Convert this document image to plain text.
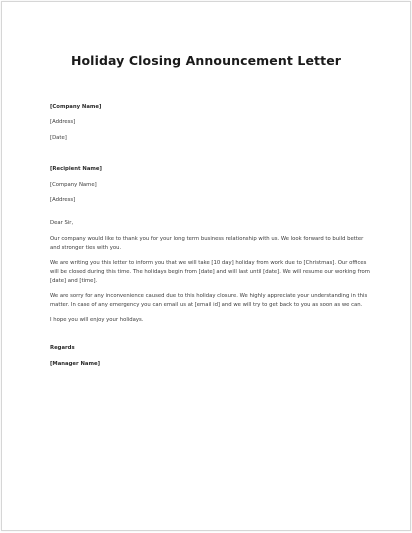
Holiday Closing Announcement Letter
[Company Name]
[Address]
[Date]
[Recipient Name]
[Company Name]
[Address]
Dear Sir,

Our company would like to thank you for your long term business relationship with us. We look forward to build better and stronger ties with you.

We are writing you this letter to inform you that we will take [10 day] holiday from work due to [Christmas]. Our offices will be closed during this time. The holidays begin from [date] and will last until [date]. We will resume our working from [date] and [time].

We are sorry for any inconvenience caused due to this holiday closure. We highly appreciate your understanding in this matter. In case of any emergency you can email us at [email id] and we will try to get back to you as soon as we can.

I hope you will enjoy your holidays.

Regards
[Manager Name]
